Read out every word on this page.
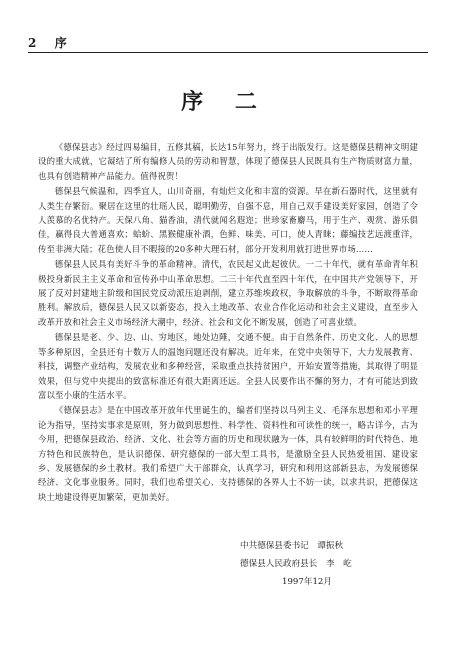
2 序
序 二

《德保县志》经过四易编目，五修其稿，长达15年努力，终于出版发行。这是德保县精神文明建设的重大成就，它凝结了所有编修人员的劳动和智慧，体现了德保县人民既具有生产物质财富力量，也具有创造精神产品能力。值得祝贺！

德保县气候温和，四季宜人，山川奇丽，有灿烂文化和丰富的资源。早在新石器时代，这里就有人类生存繁衍。聚居在这里的壮瑶人民，聪明勤劳，自强不息，用自己双手建设美好家园，创造了令人羡慕的名优特产。天保八角、猫香油，清代就闻名遐迩；世珍家畜麝马，用于生产、观赏、游乐俱佳，赢得良大普通喜欢；蛤蚧、黑猴健康补酒，色鲜、味美、可口，使人青睐；藤编技艺远渡重洋，传至非洲大陆；花色使人目不暇接的20多种大理石材，部分开发利用就打进世界市场……

德保县人民具有美好斗争的革命精神。清代，农民起义此起彼伏。一二十年代，就有革命青年积极投身新民主主义革命和宣传孙中山革命思想。二三十年代直至四十年代，在中国共产党领导下，开展了反对封建地主阶级和国民党反动派压迫剥削，建立苏维埃政权，争取解放的斗争，不断取得革命胜利。解放后，德保县人民又以新姿态，投入土地改革、农业合作化运动和社会主义建设，直至步入改革开放和社会主义市场经济大潮中，经济、社会和文化不断发展，创造了可喜业绩。

德保县是老、少、边、山、穷地区，地处边陲，交通不便。由于自然条件、历史文化、人的思想等多种原因，全县还有十数万人的温饱问题还没有解决。近年来，在党中央领导下，大力发展教育、科技，调整产业结构，发展农业和多种经营，采取重点扶持贫困户，开始安置等措施，其取得了明显效果，但与党中央提出的致富标准还有很大距离还远。全县人民要作出不懈的努力，才有可能达到致富以至小康的生活水平。

《德保县志》是在中国改革开放年代里诞生的，编者们坚持以马列主义、毛泽东思想和邓小平理论为指导，坚持实事求是原则，努力做到思想性、科学性、资料性和可读性的统一，略古详今，古为今用，把德保县政治、经济、文化、社会等方面的历史和现状融为一体，具有较鲜明的时代特色、地方特色和民族特色，是认识德保、研究德保的一部大型工具书，是激励全县人民热爱祖国、建设家乡、发展德保的乡土教材。我们希望广大干部群众，认真学习，研究和利用这部新县志，为发展德保经济、文化事业服务。同时，我们也希望关心、支持德保的各界人士不妨一读，以求共识，把德保这块土地建设得更加繁荣，更加美好。

中共德保县委书记　谭振秋
德保县人民政府县长　李　屹
1997年12月
